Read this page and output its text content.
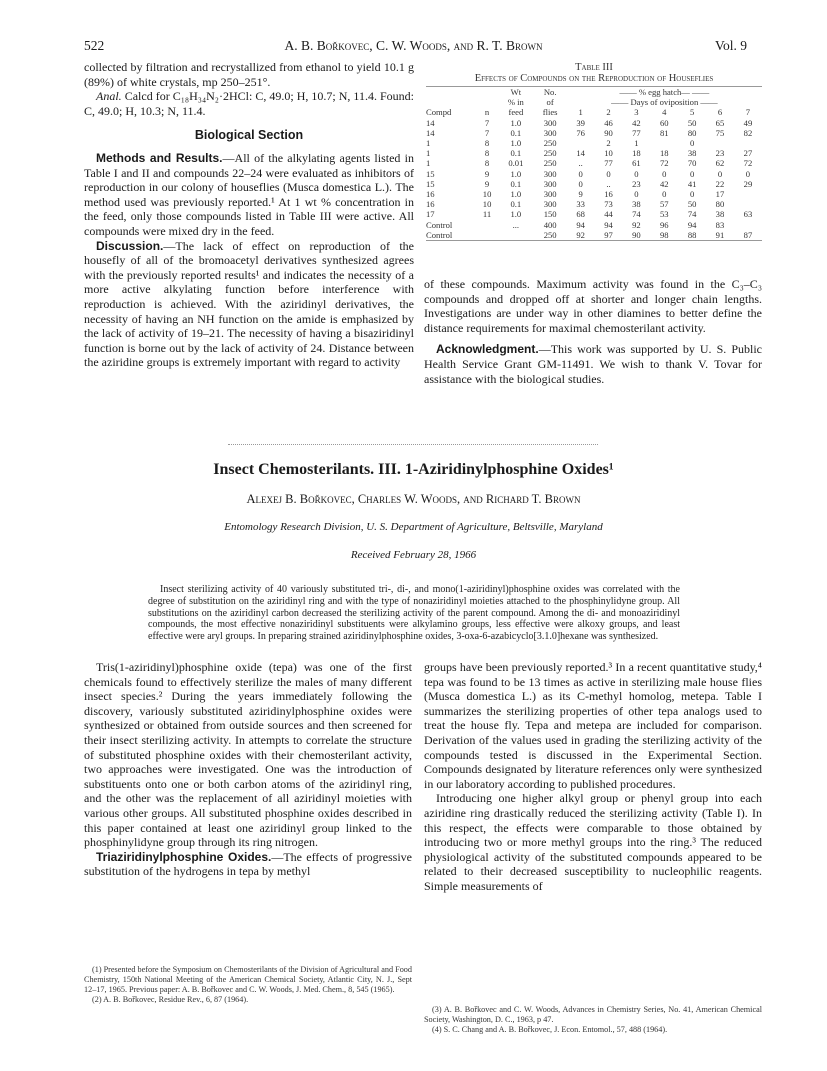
522	A. B. Bořkovec, C. W. Woods, and R. T. Brown	Vol. 9

collected by filtration and recrystallized from ethanol to yield 10.1 g (89%) of white crystals, mp 250–251°.

Anal. Calcd for C₁₈H₃₄N₂·2HCl: C, 49.0; H, 10.7; N, 11.4. Found: C, 49.0; H, 10.3; N, 11.4.

Biological Section

Methods and Results.—All of the alkylating agents listed in Table I and II and compounds 22–24 were evaluated as inhibitors of reproduction in our colony of houseflies (Musca domestica L.). The method used was previously reported.¹ At 1 wt % concentration in the feed, only those compounds listed in Table III were active. All compounds were mixed dry in the feed.

Discussion.—The lack of effect on reproduction of the housefly of all of the bromoacetyl derivatives synthesized agrees with the previously reported results¹ and indicates the necessity of a more active alkylating function before interference with reproduction is achieved. With the aziridinyl derivatives, the necessity of having an NH function on the amide is emphasized by the lack of activity of 19–21. The necessity of having a bisaziridinyl function is borne out by the lack of activity of 24. Distance between the aziridine groups is extremely important with regard to activity

Table III
Effects of Compounds on the Reproduction of Houseflies
		Wt	No.	—— % egg hatch— ——						
		% in	of	—— Days of oviposition ——						
Compd	n	feed	flies	1	2	3	4	5	6	7
14	7	1.0	300	39	46	42	60	50	65	49
14	7	0.1	300	76	90	77	81	80	75	82
1	8	1.0	250		2	1		0		
1	8	0.1	250	14	10	18	18	38	23	27
1	8	0.01	250	..	77	61	72	70	62	72
15	9	1.0	300	0	0	0	0	0	0	0
15	9	0.1	300	0	..	23	42	41	22	29
16	10	1.0	300	9	16	0	0	0	17	
16	10	0.1	300	33	73	38	57	50	80	
17	11	1.0	150	68	44	74	53	74	38	63
Control		...	400	94	94	92	96	94	83	
Control			250	92	97	90	98	88	91	87

of these compounds. Maximum activity was found in the C₃–C₃ compounds and dropped off at shorter and longer chain lengths. Investigations are under way in other diamines to better define the distance requirements for maximal chemosterilant activity.

Acknowledgment.—This work was supported by U. S. Public Health Service Grant GM-11491. We wish to thank V. Tovar for assistance with the biological studies.

Insect Chemosterilants. III. 1-Aziridinylphosphine Oxides¹
Alexej B. Bořkovec, Charles W. Woods, and Richard T. Brown
Entomology Research Division, U. S. Department of Agriculture, Beltsville, Maryland
Received February 28, 1966
Insect sterilizing activity of 40 variously substituted tri-, di-, and mono(1-aziridinyl)phosphine oxides was correlated with the degree of substitution on the aziridinyl ring and with the type of nonaziridinyl moieties attached to the phosphinylidyne group. All substitutions on the aziridinyl carbon decreased the sterilizing activity of the parent compound. Among the di- and monoaziridinyl compounds, the most effective nonaziridinyl substituents were alkylamino groups, less effective were alkoxy groups, and least effective were aryl groups. In preparing strained aziridinylphosphine oxides, 3-oxa-6-azabicyclo[3.1.0]hexane was synthesized.

Tris(1-aziridinyl)phosphine oxide (tepa) was one of the first chemicals found to effectively sterilize the males of many different insect species.² During the years immediately following the discovery, variously substituted aziridinylphosphine oxides were synthesized or obtained from outside sources and then screened for their insect sterilizing activity. In attempts to correlate the structure of substituted phosphine oxides with their chemosterilant activity, two approaches were investigated. One was the introduction of substituents onto one or both carbon atoms of the aziridinyl ring, and the other was the replacement of all aziridinyl moieties with various other groups. All substituted phosphine oxides described in this paper contained at least one aziridinyl group linked to the phosphinylidyne group through its ring nitrogen.

Triaziridinylphosphine Oxides.—The effects of progressive substitution of the hydrogens in tepa by methyl

(1) Presented before the Symposium on Chemosterilants of the Division of Agricultural and Food Chemistry, 150th National Meeting of the American Chemical Society, Atlantic City, N. J., Sept 12–17, 1965. Previous paper: A. B. Bořkovec and C. W. Woods, J. Med. Chem., 8, 545 (1965).
(2) A. B. Bořkovec, Residue Rev., 6, 87 (1964).

groups have been previously reported.³ In a recent quantitative study,⁴ tepa was found to be 13 times as active in sterilizing male house flies (Musca domestica L.) as its C-methyl homolog, metepa. Table I summarizes the sterilizing properties of other tepa analogs used to treat the house fly. Tepa and metepa are included for comparison. Derivation of the values used in grading the sterilizing activity of the compounds tested is discussed in the Experimental Section. Compounds designated by literature references only were synthesized in our laboratory according to published procedures.

Introducing one higher alkyl group or phenyl group into each aziridine ring drastically reduced the sterilizing activity (Table I). In this respect, the effects were comparable to those obtained by introducing two or more methyl groups into the ring.³ The reduced physiological activity of the substituted compounds appeared to be related to their decreased susceptibility to nucleophilic reagents. Simple measurements of

(3) A. B. Bořkovec and C. W. Woods, Advances in Chemistry Series, No. 41, American Chemical Society, Washington, D. C., 1963, p 47.
(4) S. C. Chang and A. B. Bořkovec, J. Econ. Entomol., 57, 488 (1964).
